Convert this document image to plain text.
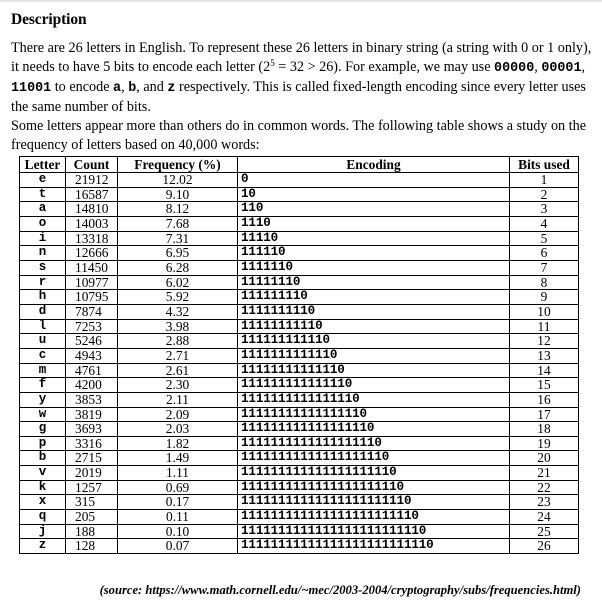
Description

There are 26 letters in English. To represent these 26 letters in binary string (a string with 0 or 1 only), it needs to have 5 bits to encode each letter $(2^5 = 32 > 26)$. For example, we may use 00000, 00001, 11001 to encode a, b, and z respectively. This is called fixed-length encoding since every letter uses the same number of bits.

Some letters appear more than others do in common words. The following table shows a study on the frequency of letters based on 40,000 words:

Letter	Count	Frequency (%)	Encoding	Bits used
e	21912	12.02	0	1
t	16587	9.10	10	2
a	14810	8.12	110	3
o	14003	7.68	1110	4
i	13318	7.31	11110	5
n	12666	6.95	111110	6
s	11450	6.28	1111110	7
r	10977	6.02	11111110	8
h	10795	5.92	111111110	9
d	7874	4.32	1111111110	10
l	7253	3.98	11111111110	11
u	5246	2.88	111111111110	12
c	4943	2.71	1111111111110	13
m	4761	2.61	11111111111110	14
f	4200	2.30	111111111111110	15
y	3853	2.11	1111111111111110	16
w	3819	2.09	11111111111111110	17
g	3693	2.03	111111111111111110	18
p	3316	1.82	1111111111111111110	19
b	2715	1.49	11111111111111111110	20
v	2019	1.11	111111111111111111110	21
k	1257	0.69	1111111111111111111110	22
x	315	0.17	11111111111111111111110	23
q	205	0.11	111111111111111111111110	24
j	188	0.10	1111111111111111111111110	25
z	128	0.07	11111111111111111111111110	26
(source: https://www.math.cornell.edu/~mec/2003-2004/cryptography/subs/frequencies.html)
